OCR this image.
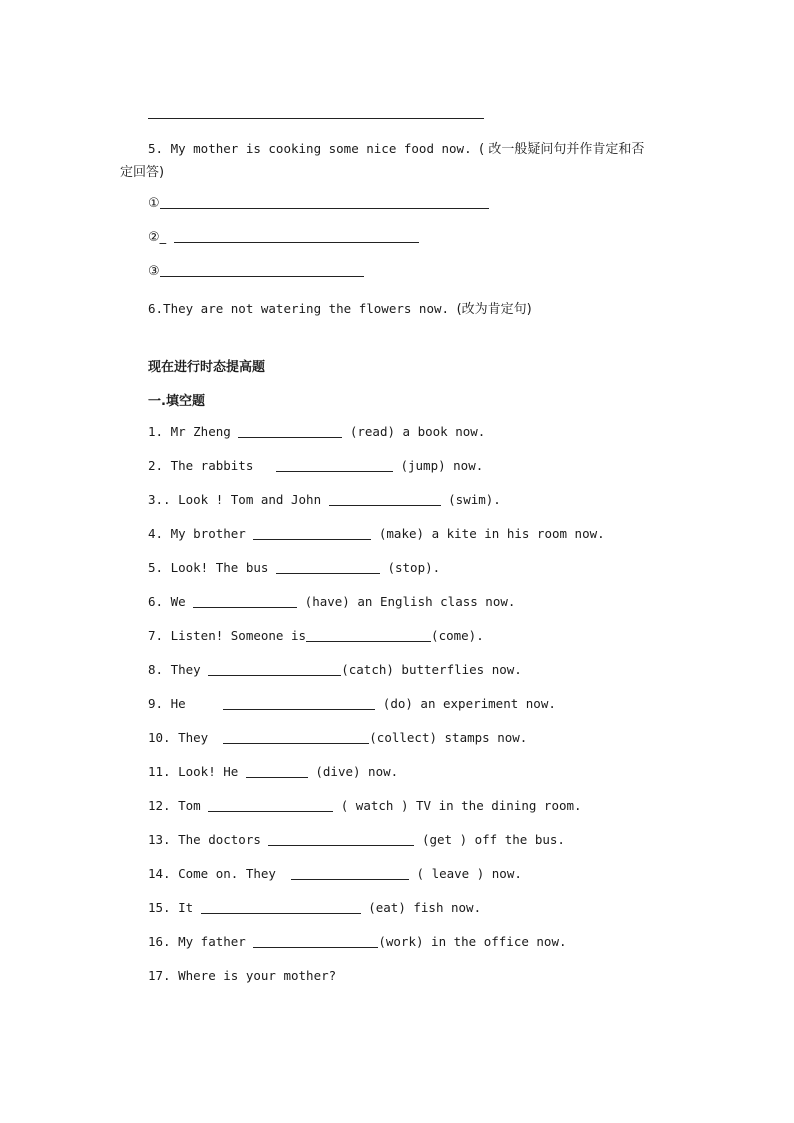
5. My mother is cooking some nice food now. ( 改一般疑问句并作肯定和否
定回答)
①
②_
③
6.They are not watering the flowers now. (改为肯定句)
现在进行时态提高题
一.填空题
1. Mr Zheng	(read) a book now.
2. The rabbits	(jump) now.
3.. Look ! Tom and John	(swim).
4. My brother	(make) a kite in his room now.
5. Look! The bus	(stop).
6. We	(have) an English class now.
7. Listen! Someone is	(come).
8. They	(catch) butterflies now.
9. He	(do) an experiment now.
10. They	(collect) stamps now.
11. Look! He	(dive) now.
12. Tom	( watch ) TV in the dining room.
13. The doctors	(get ) off the bus.
14. Come on. They	( leave ) now.
15. It	(eat) fish now.
16. My father	(work) in the office now.
17. Where is your mother?
